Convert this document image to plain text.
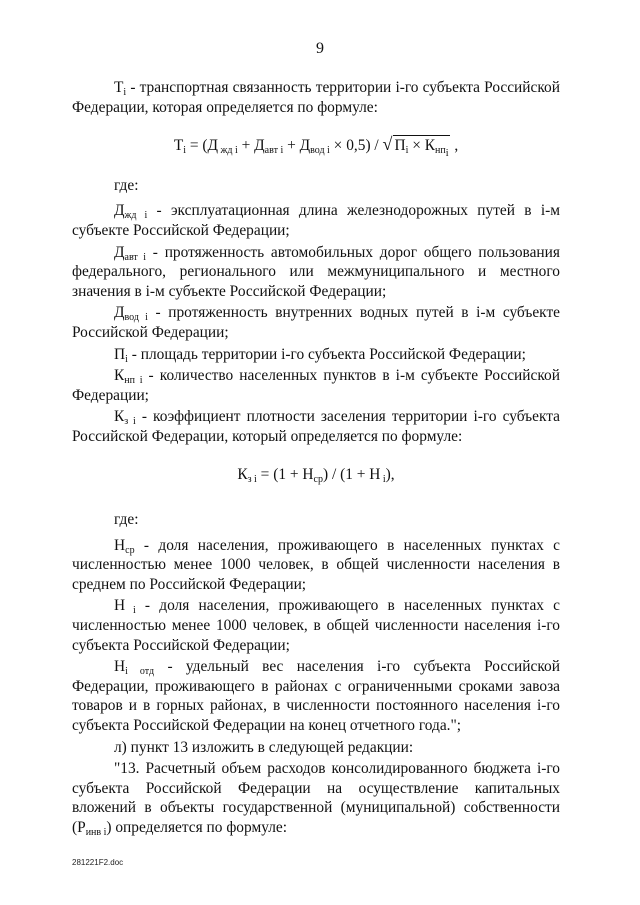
9

$Т_i$ - транспортная связанность территории i-го субъекта Российской Федерации, которая определяется по формуле:

$Т_i = (Д$ $_{жд i} + Д_{авт i} + Д_{вод i} \times 0,5$) / √ $П_i \times К_{нп_i}$ ,

где:

$Д_{жд i}$ - эксплуатационная длина железнодорожных путей в i-м субъекте Российской Федерации;

$Д_{авт i}$ - протяженность автомобильных дорог общего пользования федерального, регионального или межмуниципального и местного значения в i-м субъекте Российской Федерации;

$Д_{вод i}$ - протяженность внутренних водных путей в i-м субъекте Российской Федерации;

$П_i$ - площадь территории i-го субъекта Российской Федерации;

$К_{нп i}$ - количество населенных пунктов в i-м субъекте Российской Федерации;

$К_{з i}$ - коэффициент плотности заселения территории i-го субъекта Российской Федерации, который определяется по формуле:

$К_{з i} = (1 + Н_{ср}) / (1 + Н$ $_i$),

где:

$Н_{ср}$ - доля населения, проживающего в населенных пунктах с численностью менее 1000 человек, в общей численности населения в среднем по Российской Федерации;

Н $_i$ - доля населения, проживающего в населенных пунктах с численностью менее 1000 человек, в общей численности населения i-го субъекта Российской Федерации;

$Н_{i отд}$ - удельный вес населения i-го субъекта Российской Федерации, проживающего в районах с ограниченными сроками завоза товаров и в горных районах, в численности постоянного населения i-го субъекта Российской Федерации на конец отчетного года.";

л) пункт 13 изложить в следующей редакции:

"13. Расчетный объем расходов консолидированного бюджета i-го субъекта Российской Федерации на осуществление капитальных вложений в объекты государственной (муниципальной) собственности $(Р_{инв i})$ определяется по формуле:

281221F2.doc
